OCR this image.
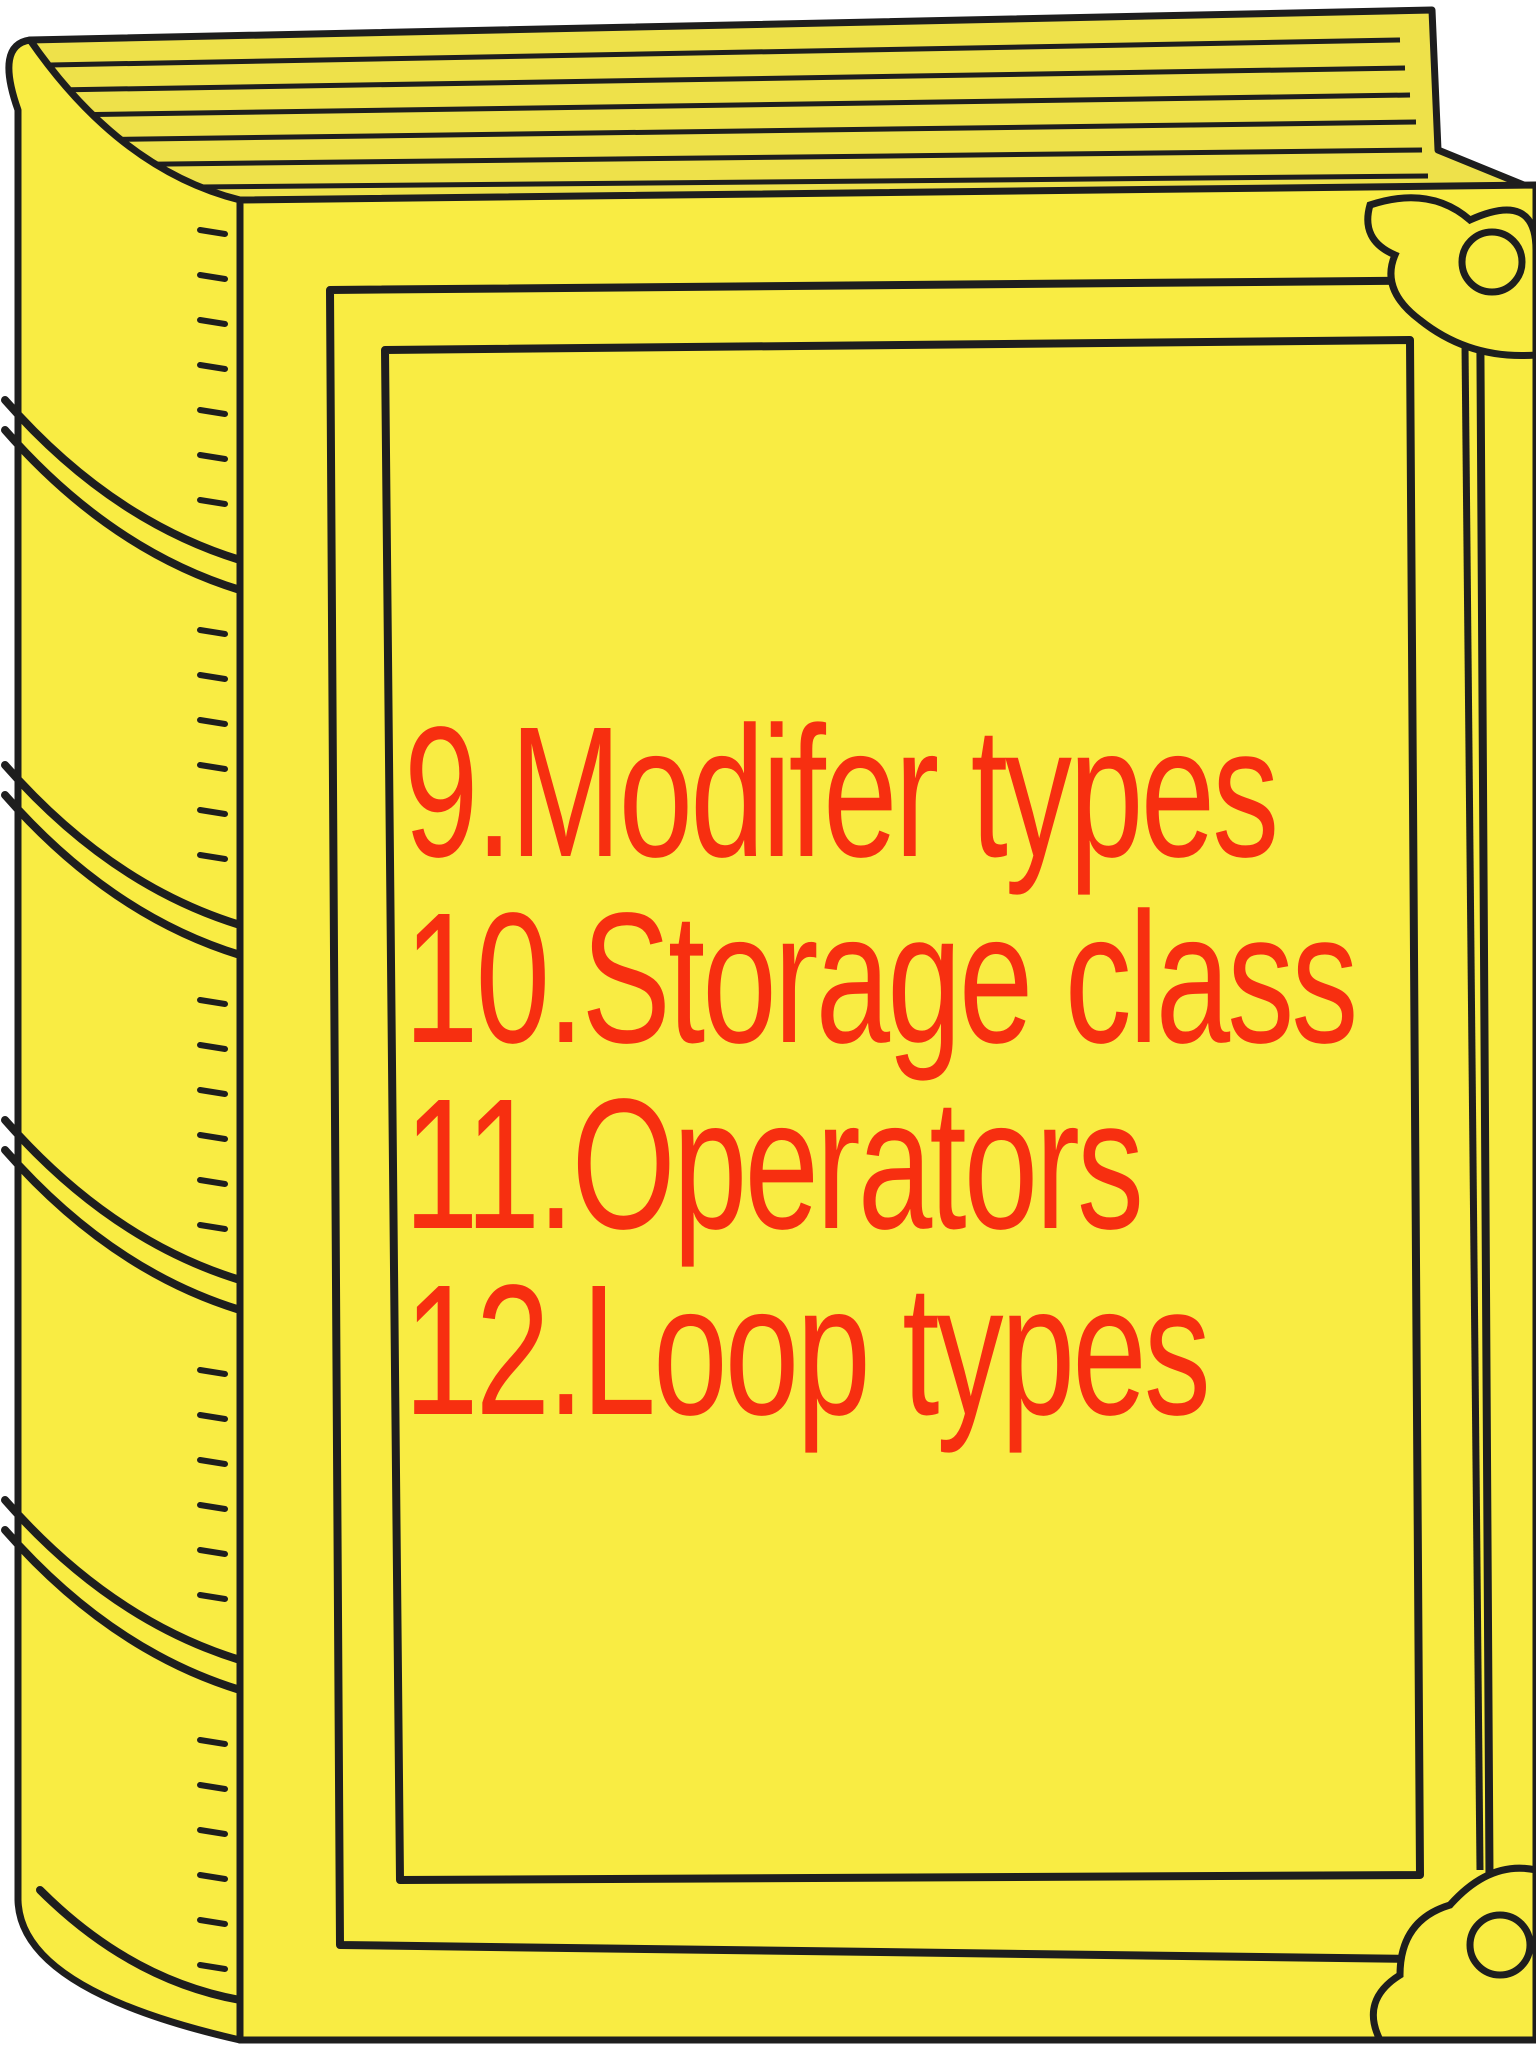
9.Modifer types
10.Storage class
11.Operators
12.Loop types
